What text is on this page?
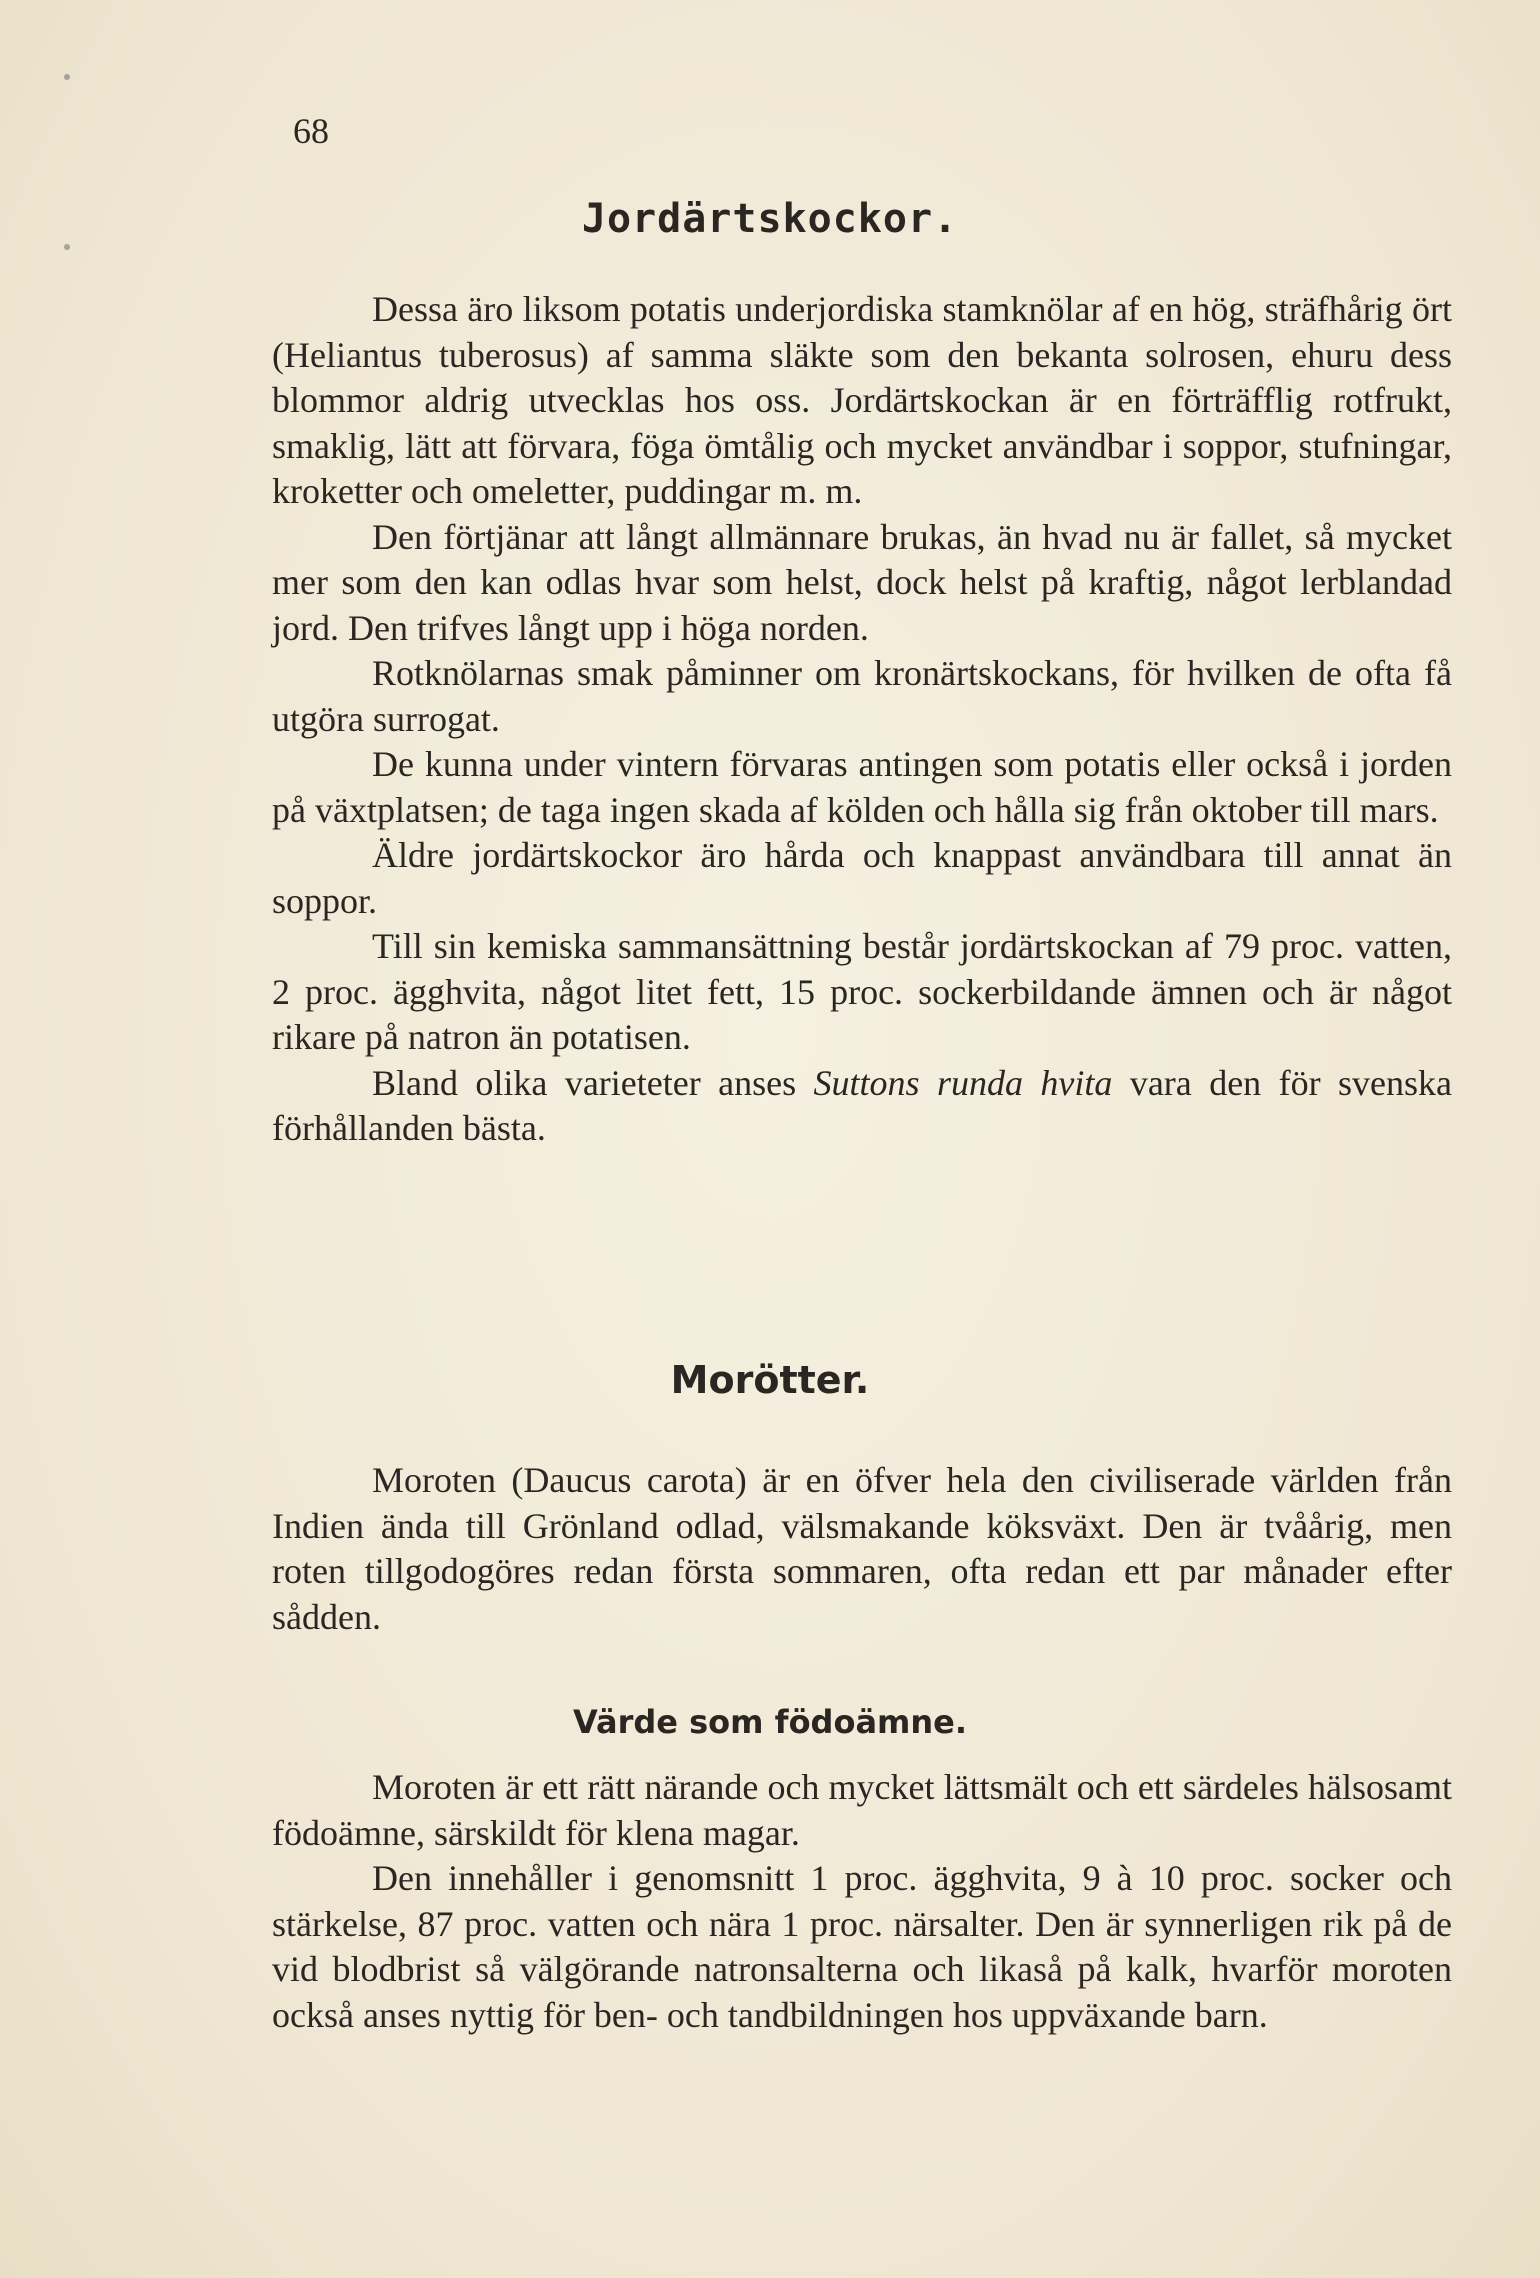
68
Jordärtskockor.

Dessa äro liksom potatis underjordiska stamknölar af en hög, sträfhårig ört (Heliantus tuberosus) af samma släkte som den bekanta solrosen, ehuru dess blommor aldrig utvecklas hos oss. Jordärtskockan är en förträfflig rotfrukt, smaklig, lätt att förvara, föga ömtålig och mycket användbar i soppor, stufningar, kroketter och omeletter, puddingar m. m.

Den förtjänar att långt allmännare brukas, än hvad nu är fallet, så mycket mer som den kan odlas hvar som helst, dock helst på kraftig, något lerblandad jord. Den trifves långt upp i höga norden.

Rotknölarnas smak påminner om kronärtskockans, för hvilken de ofta få utgöra surrogat.

De kunna under vintern förvaras antingen som potatis eller också i jorden på växtplatsen; de taga ingen skada af kölden och hålla sig från oktober till mars.

Äldre jordärtskockor äro hårda och knappast användbara till annat än soppor.

Till sin kemiska sammansättning består jordärtskockan af 79 proc. vatten, 2 proc. ägghvita, något litet fett, 15 proc. sockerbildande ämnen och är något rikare på natron än potatisen.

Bland olika varieteter anses Suttons runda hvita vara den för svenska förhållanden bästa.

Morötter.

Moroten (Daucus carota) är en öfver hela den civiliserade världen från Indien ända till Grönland odlad, välsmakande köksväxt. Den är tvåårig, men roten tillgodogöres redan första sommaren, ofta redan ett par månader efter sådden.

Värde som födoämne.

Moroten är ett rätt närande och mycket lättsmält och ett särdeles hälsosamt födoämne, särskildt för klena magar.

Den innehåller i genomsnitt 1 proc. ägghvita, 9 à 10 proc. socker och stärkelse, 87 proc. vatten och nära 1 proc. närsalter. Den är synnerligen rik på de vid blodbrist så välgörande natronsalterna och likaså på kalk, hvarför moroten också anses nyttig för ben- och tandbildningen hos uppväxande barn.
